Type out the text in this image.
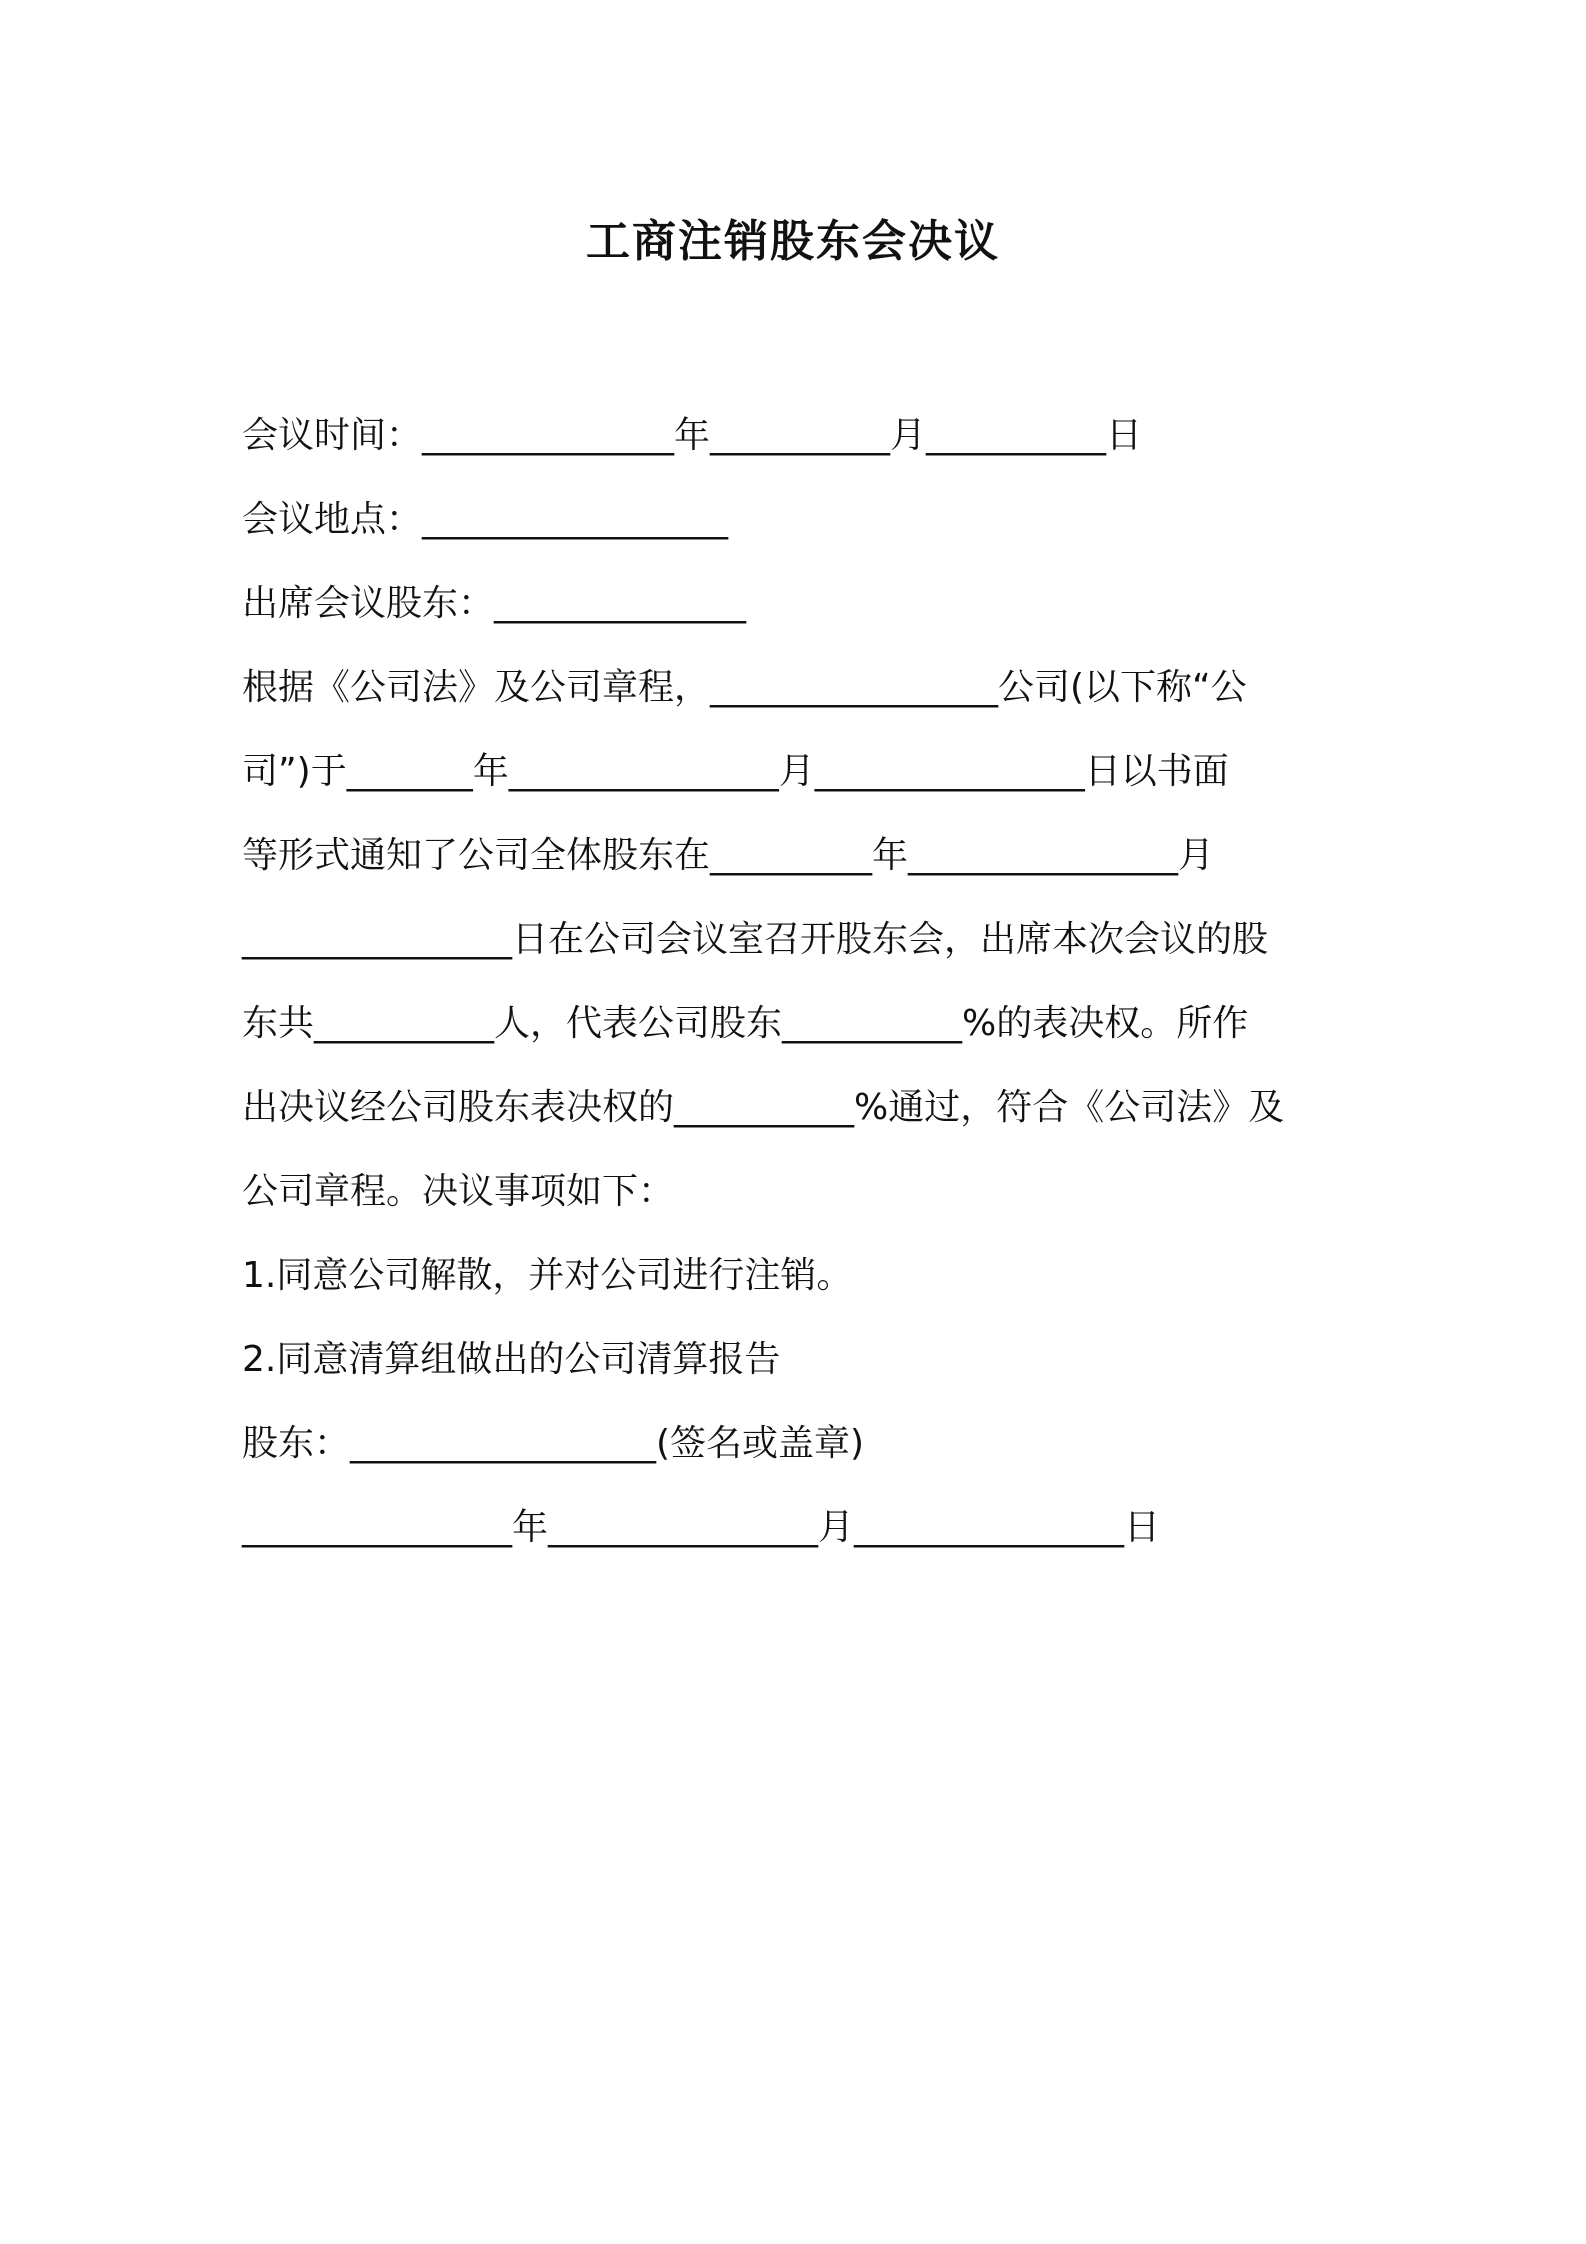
工商注销股东会决议
会议时间：______________年__________月__________日
会议地点：_________________
出席会议股东：______________
根据《公司法》及公司章程，________________公司(以下称“公
司”)于_______年_______________月_______________日以书面
等形式通知了公司全体股东在_________年_______________月
_______________日在公司会议室召开股东会，出席本次会议的股
东共__________人，代表公司股东__________%的表决权。所作
出决议经公司股东表决权的__________%通过，符合《公司法》及
公司章程。决议事项如下：
1.同意公司解散，并对公司进行注销。
2.同意清算组做出的公司清算报告
股东：_________________(签名或盖章)
_______________年_______________月_______________日
